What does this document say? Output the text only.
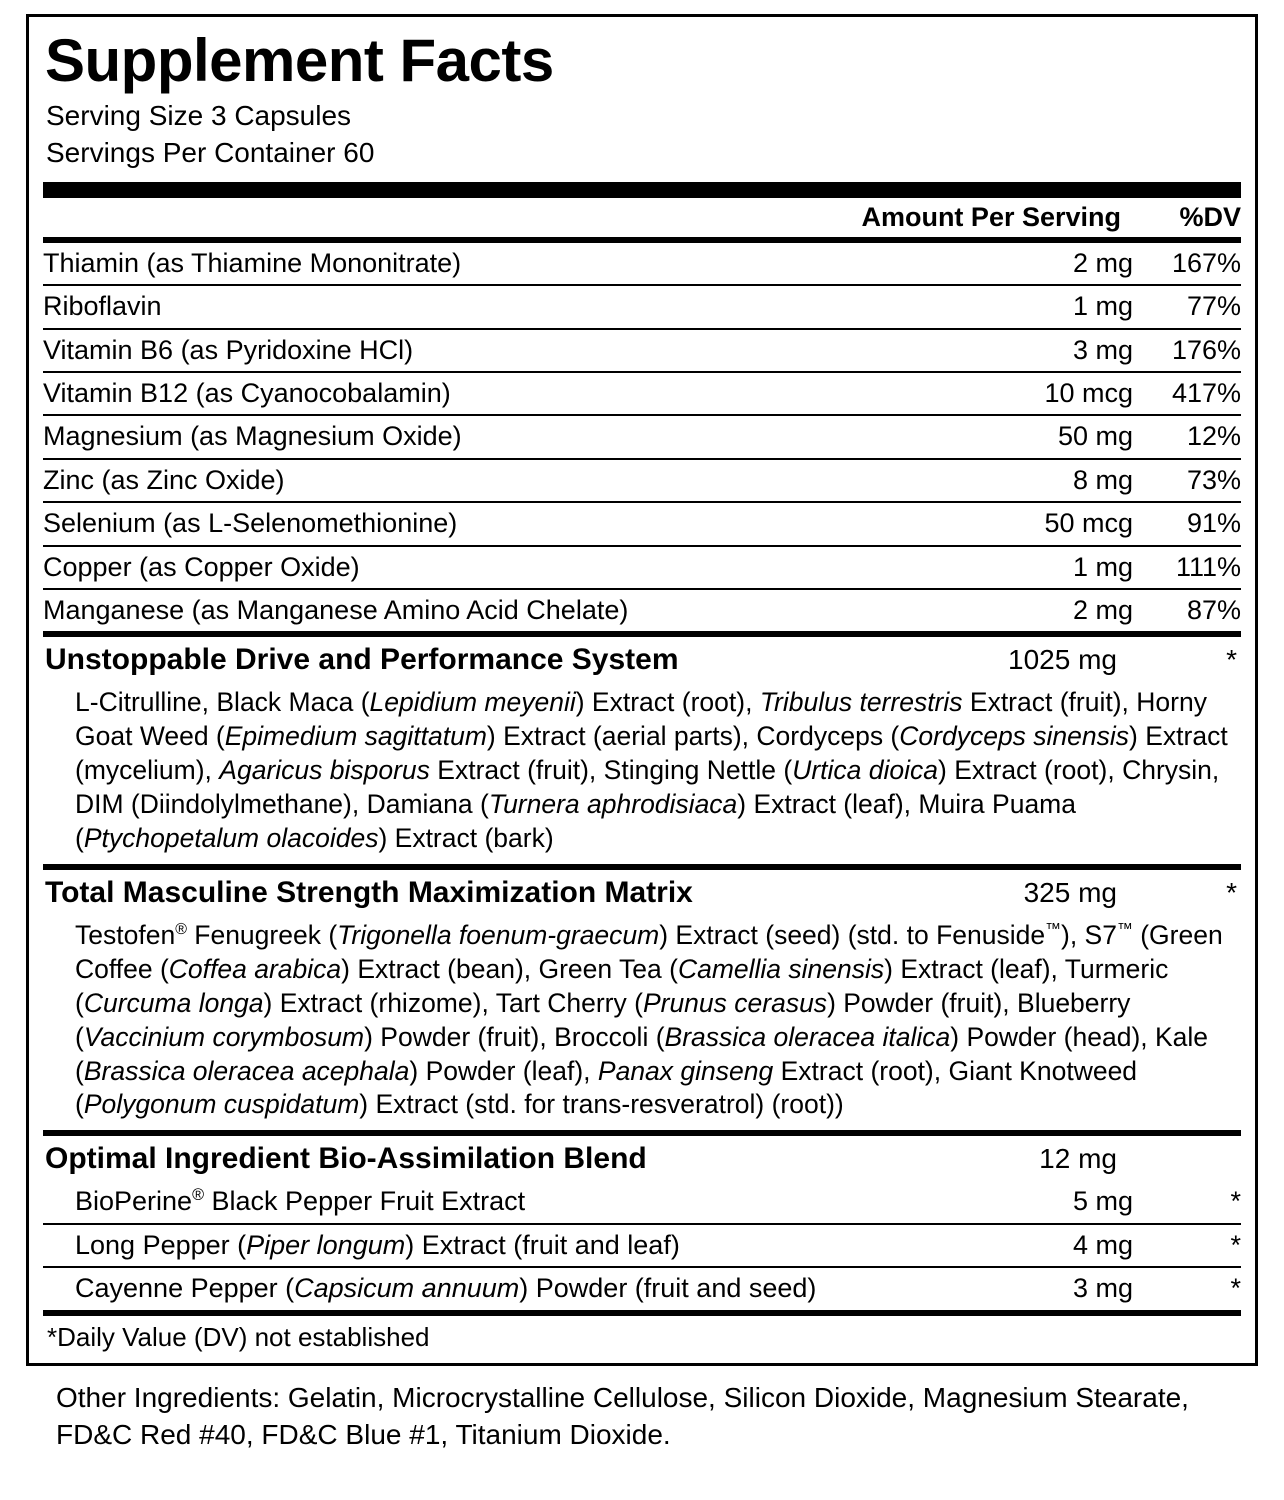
Supplement Facts
Serving Size 3 Capsules
Servings Per Container 60
Amount Per Serving	%DV
Thiamin (as Thiamine Mononitrate)	2 mg	167%
Riboflavin	1 mg	77%
Vitamin B6 (as Pyridoxine HCl)	3 mg	176%
Vitamin B12 (as Cyanocobalamin)	10 mcg	417%
Magnesium (as Magnesium Oxide)	50 mg	12%
Zinc (as Zinc Oxide)	8 mg	73%
Selenium (as L-Selenomethionine)	50 mcg	91%
Copper (as Copper Oxide)	1 mg	111%
Manganese (as Manganese Amino Acid Chelate)	2 mg	87%
Unstoppable Drive and Performance System	1025 mg	*
L-Citrulline, Black Maca (Lepidium meyenii) Extract (root), Tribulus terrestris Extract (fruit), Horny Goat Weed (Epimedium sagittatum) Extract (aerial parts), Cordyceps (Cordyceps sinensis) Extract (mycelium), Agaricus bisporus Extract (fruit), Stinging Nettle (Urtica dioica) Extract (root), Chrysin, DIM (Diindolylmethane), Damiana (Turnera aphrodisiaca) Extract (leaf), Muira Puama (Ptychopetalum olacoides) Extract (bark)
Total Masculine Strength Maximization Matrix	325 mg	*
Testofen® Fenugreek (Trigonella foenum-graecum) Extract (seed) (std. to Fenuside™), S7™ (Green Coffee (Coffea arabica) Extract (bean), Green Tea (Camellia sinensis) Extract (leaf), Turmeric (Curcuma longa) Extract (rhizome), Tart Cherry (Prunus cerasus) Powder (fruit), Blueberry (Vaccinium corymbosum) Powder (fruit), Broccoli (Brassica oleracea italica) Powder (head), Kale (Brassica oleracea acephala) Powder (leaf), Panax ginseng Extract (root), Giant Knotweed (Polygonum cuspidatum) Extract (std. for trans-resveratrol) (root))
Optimal Ingredient Bio-Assimilation Blend	12 mg
BioPerine® Black Pepper Fruit Extract	5 mg	*
Long Pepper (Piper longum) Extract (fruit and leaf)	4 mg	*
Cayenne Pepper (Capsicum annuum) Powder (fruit and seed)	3 mg	*
*Daily Value (DV) not established
Other Ingredients: Gelatin, Microcrystalline Cellulose, Silicon Dioxide, Magnesium Stearate, FD&C Red #40, FD&C Blue #1, Titanium Dioxide.
